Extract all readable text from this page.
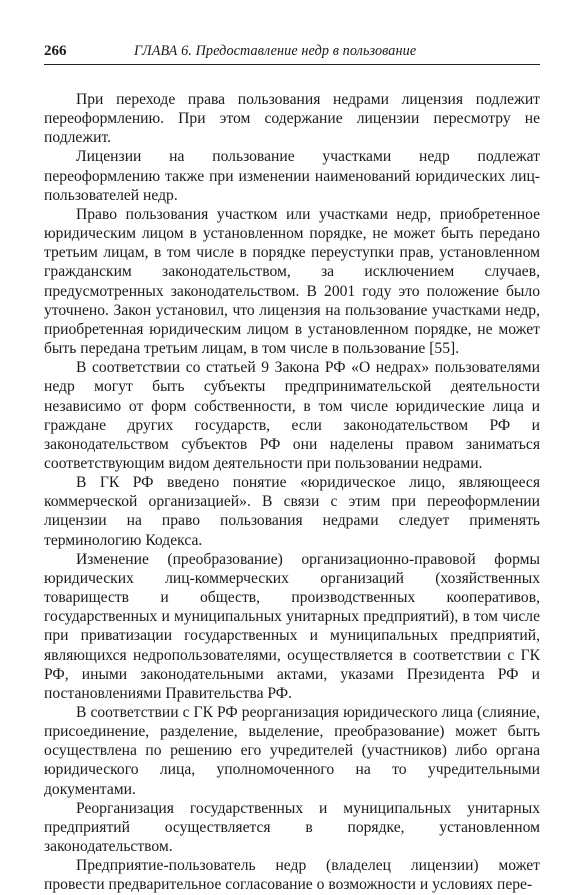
266	ГЛАВА 6. Предоставление недр в пользование

При переходе права пользования недрами лицензия подлежит переоформлению. При этом содержание лицензии пересмотру не подлежит.

Лицензии на пользование участками недр подлежат переоформлению также при изменении наименований юридических лиц-пользователей недр.

Право пользования участком или участками недр, приобретенное юридическим лицом в установленном порядке, не может быть передано третьим лицам, в том числе в порядке переуступки прав, установленном гражданским законодательством, за исключением случаев, предусмотренных законодательством. В 2001 году это положение было уточнено. Закон установил, что лицензия на пользование участками недр, приобретенная юридическим лицом в установленном порядке, не может быть передана третьим лицам, в том числе в пользование [55].

В соответствии со статьей 9 Закона РФ «О недрах» пользователями недр могут быть субъекты предпринимательской деятельности независимо от форм собственности, в том числе юридические лица и граждане других государств, если законодательством РФ и законодательством субъектов РФ они наделены правом заниматься соответствующим видом деятельности при пользовании недрами.

В ГК РФ введено понятие «юридическое лицо, являющееся коммерческой организацией». В связи с этим при переоформлении лицензии на право пользования недрами следует применять терминологию Кодекса.

Изменение (преобразование) организационно-правовой формы юридических лиц-коммерческих организаций (хозяйственных товариществ и обществ, производственных кооперативов, государственных и муниципальных унитарных предприятий), в том числе при приватизации государственных и муниципальных предприятий, являющихся недропользователями, осуществляется в соответствии с ГК РФ, иными законодательными актами, указами Президента РФ и постановлениями Правительства РФ.

В соответствии с ГК РФ реорганизация юридического лица (слияние, присоединение, разделение, выделение, преобразование) может быть осуществлена по решению его учредителей (участников) либо органа юридического лица, уполномоченного на то учредительными документами.

Реорганизация государственных и муниципальных унитарных предприятий осуществляется в порядке, установленном законодательством.

Предприятие-пользователь недр (владелец лицензии) может провести предварительное согласование о возможности и условиях пере-
